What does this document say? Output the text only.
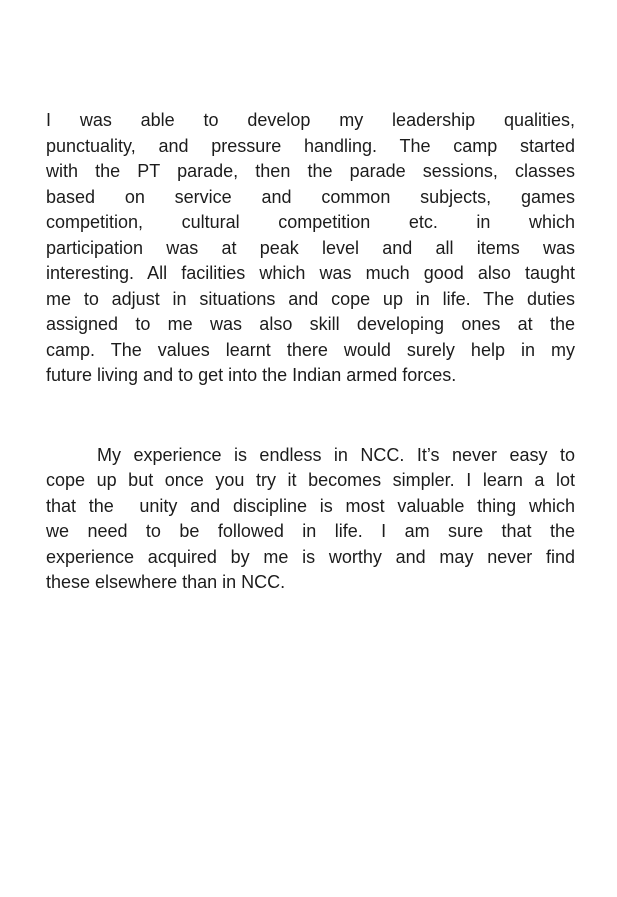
I was able to develop my leadership qualities,
punctuality, and pressure handling. The camp started
with the PT parade, then the parade sessions, classes
based on service and common subjects, games
competition, cultural competition etc. in which
participation was at peak level and all items was
interesting. All facilities which was much good also taught
me to adjust in situations and cope up in life. The duties
assigned to me was also skill developing ones at the
camp. The values learnt there would surely help in my
future living and to get into the Indian armed forces.
My experience is endless in NCC. It’s never easy to
cope up but once you try it becomes simpler. I learn a lot
that the  unity and discipline is most valuable thing which
we need to be followed in life. I am sure that the
experience acquired by me is worthy and may never find
these elsewhere than in NCC.
